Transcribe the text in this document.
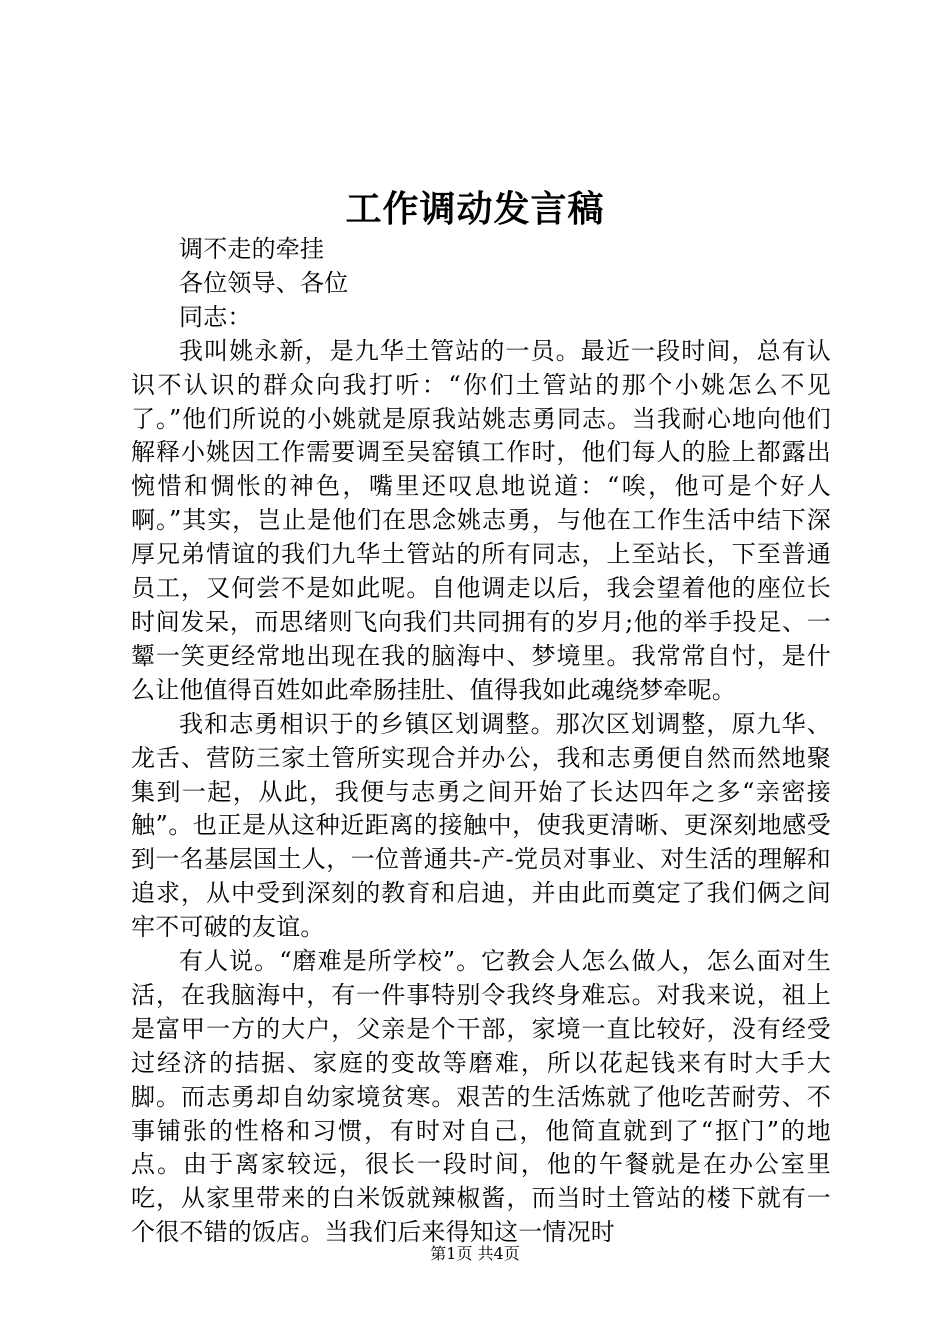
工作调动发言稿

调不走的牵挂

各位领导、各位

同志：

我叫姚永新，是九华土管站的一员。最近一段时间，总有认识不认识的群众向我打听：“你们土管站的那个小姚怎么不见了。”他们所说的小姚就是原我站姚志勇同志。当我耐心地向他们解释小姚因工作需要调至吴窑镇工作时，他们每人的脸上都露出惋惜和惆怅的神色，嘴里还叹息地说道：“唉，他可是个好人啊。”其实，岂止是他们在思念姚志勇，与他在工作生活中结下深厚兄弟情谊的我们九华土管站的所有同志，上至站长，下至普通员工，又何尝不是如此呢。自他调走以后，我会望着他的座位长时间发呆，而思绪则飞向我们共同拥有的岁月;他的举手投足、一颦一笑更经常地出现在我的脑海中、梦境里。我常常自忖，是什么让他值得百姓如此牵肠挂肚、值得我如此魂绕梦牵呢。

我和志勇相识于的乡镇区划调整。那次区划调整，原九华、龙舌、营防三家土管所实现合并办公，我和志勇便自然而然地聚集到一起，从此，我便与志勇之间开始了长达四年之多“亲密接触”。也正是从这种近距离的接触中，使我更清晰、更深刻地感受到一名基层国土人，一位普通共-产-党员对事业、对生活的理解和追求，从中受到深刻的教育和启迪，并由此而奠定了我们俩之间牢不可破的友谊。

有人说。“磨难是所学校”。它教会人怎么做人，怎么面对生活，在我脑海中，有一件事特别令我终身难忘。对我来说，祖上是富甲一方的大户，父亲是个干部，家境一直比较好，没有经受过经济的拮据、家庭的变故等磨难，所以花起钱来有时大手大脚。而志勇却自幼家境贫寒。艰苦的生活炼就了他吃苦耐劳、不事铺张的性格和习惯，有时对自己，他简直就到了“抠门”的地点。由于离家较远，很长一段时间，他的午餐就是在办公室里吃，从家里带来的白米饭就辣椒酱，而当时土管站的楼下就有一个很不错的饭店。当我们后来得知这一情况时

第1页 共4页
